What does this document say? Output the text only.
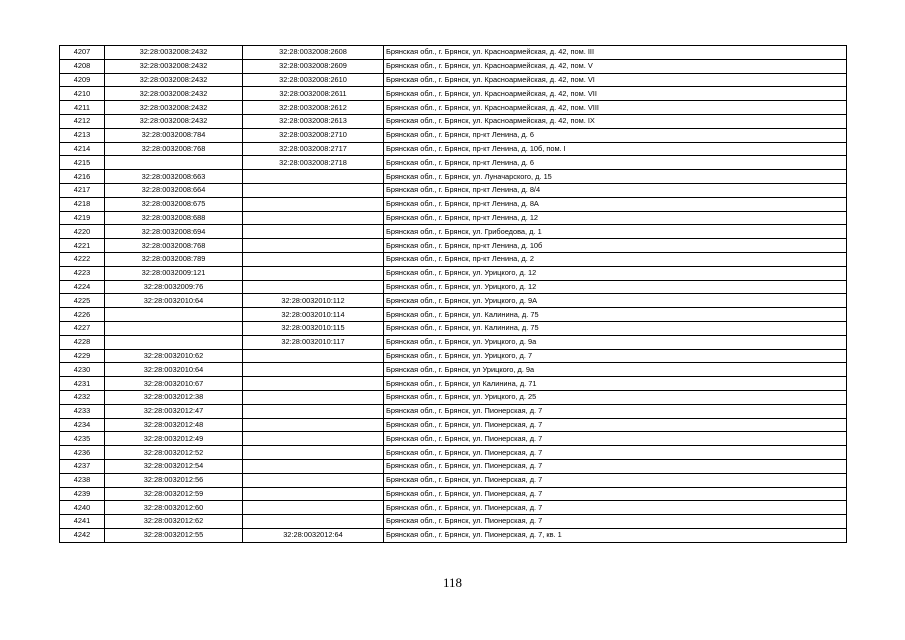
4207	32:28:0032008:2432	32:28:0032008:2608	Брянская обл., г. Брянск, ул. Красноармейская, д. 42, пом. III
4208	32:28:0032008:2432	32:28:0032008:2609	Брянская обл., г. Брянск, ул. Красноармейская, д. 42, пом. V
4209	32:28:0032008:2432	32:28:0032008:2610	Брянская обл., г. Брянск, ул. Красноармейская, д. 42, пом. VI
4210	32:28:0032008:2432	32:28:0032008:2611	Брянская обл., г. Брянск, ул. Красноармейская, д. 42, пом. VII
4211	32:28:0032008:2432	32:28:0032008:2612	Брянская обл., г. Брянск, ул. Красноармейская, д. 42, пом. VIII
4212	32:28:0032008:2432	32:28:0032008:2613	Брянская обл., г. Брянск, ул. Красноармейская, д. 42, пом. IX
4213	32:28:0032008:784	32:28:0032008:2710	Брянская обл., г. Брянск, пр-кт Ленина, д. 6
4214	32:28:0032008:768	32:28:0032008:2717	Брянская обл., г. Брянск, пр-кт Ленина, д. 10б, пом. I
4215		32:28:0032008:2718	Брянская обл., г. Брянск, пр-кт Ленина, д. 6
4216	32:28:0032008:663		Брянская обл., г. Брянск, ул. Луначарского, д. 15
4217	32:28:0032008:664		Брянская обл., г. Брянск, пр-кт Ленина, д. 8/4
4218	32:28:0032008:675		Брянская обл., г. Брянск, пр-кт Ленина, д. 8А
4219	32:28:0032008:688		Брянская обл., г. Брянск, пр-кт Ленина, д. 12
4220	32:28:0032008:694		Брянская обл., г. Брянск, ул. Грибоедова, д. 1
4221	32:28:0032008:768		Брянская обл., г. Брянск, пр-кт Ленина, д. 10б
4222	32:28:0032008:789		Брянская обл., г. Брянск, пр-кт Ленина, д. 2
4223	32:28:0032009:121		Брянская обл., г. Брянск, ул. Урицкого, д. 12
4224	32:28:0032009:76		Брянская обл., г. Брянск, ул. Урицкого, д. 12
4225	32:28:0032010:64	32:28:0032010:112	Брянская обл., г. Брянск, ул. Урицкого, д. 9А
4226		32:28:0032010:114	Брянская обл., г. Брянск, ул. Калинина, д. 75
4227		32:28:0032010:115	Брянская обл., г. Брянск, ул. Калинина, д. 75
4228		32:28:0032010:117	Брянская обл., г. Брянск, ул. Урицкого, д. 9а
4229	32:28:0032010:62		Брянская обл., г. Брянск, ул. Урицкого, д. 7
4230	32:28:0032010:64		Брянская обл., г. Брянск, ул Урицкого, д. 9а
4231	32:28:0032010:67		Брянская обл., г. Брянск, ул Калинина, д. 71
4232	32:28:0032012:38		Брянская обл., г. Брянск, ул. Урицкого, д. 25
4233	32:28:0032012:47		Брянская обл., г. Брянск, ул. Пионерская, д. 7
4234	32:28:0032012:48		Брянская обл., г. Брянск, ул. Пионерская, д. 7
4235	32:28:0032012:49		Брянская обл., г. Брянск, ул. Пионерская, д. 7
4236	32:28:0032012:52		Брянская обл., г. Брянск, ул. Пионерская, д. 7
4237	32:28:0032012:54		Брянская обл., г. Брянск, ул. Пионерская, д. 7
4238	32:28:0032012:56		Брянская обл., г. Брянск, ул. Пионерская, д. 7
4239	32:28:0032012:59		Брянская обл., г. Брянск, ул. Пионерская, д. 7
4240	32:28:0032012:60		Брянская обл., г. Брянск, ул. Пионерская, д. 7
4241	32:28:0032012:62		Брянская обл., г. Брянск, ул. Пионерская, д. 7
4242	32:28:0032012:55	32:28:0032012:64	Брянская обл., г. Брянск, ул. Пионерская, д. 7, кв. 1
118
